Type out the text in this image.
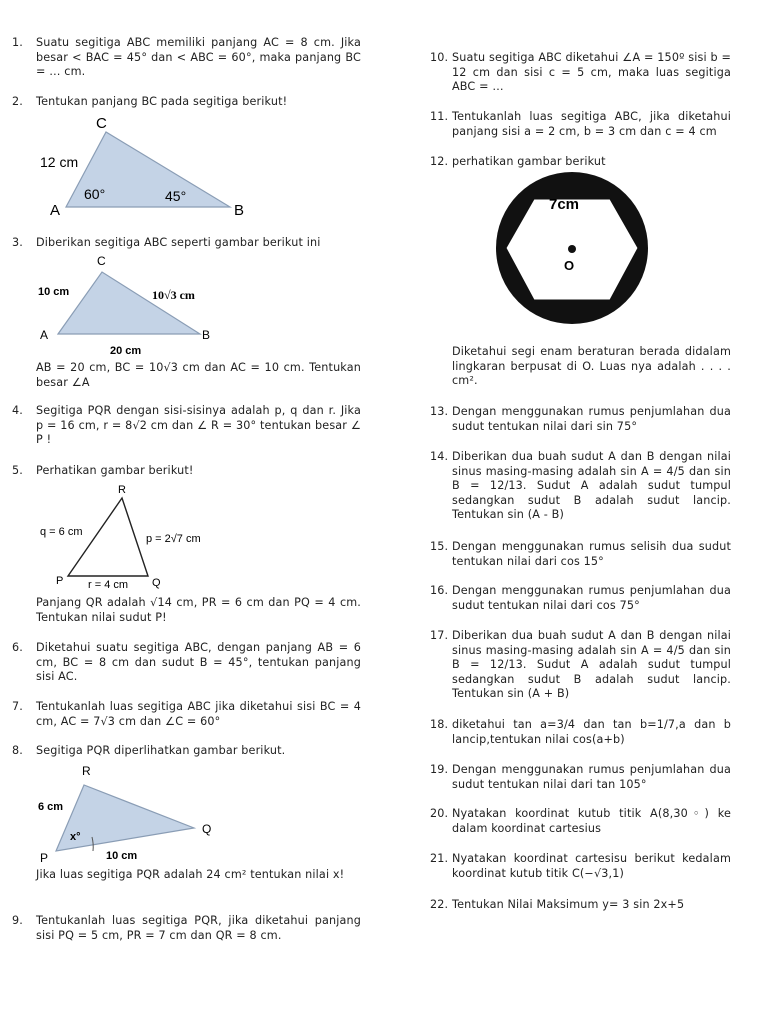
1.	Suatu segitiga ABC memiliki panjang AC = 8 cm. Jika besar < BAC = 45° dan < ABC = 60°, maka panjang BC = … cm.
2.	Tentukan panjang BC pada segitiga berikut!
C
A	B
12 cm
60°	45°
3.	Diberikan segitiga ABC seperti gambar berikut ini
C
A	B
10 cm	10√3 cm
20 cm
AB = 20 cm, BC = 10√3 cm dan AC = 10 cm. Tentukan besar ∠A
4.	Segitiga PQR dengan sisi-sisinya adalah p, q dan r. Jika p = 16 cm, r = 8√2 cm dan ∠ R = 30° tentukan besar ∠ P !
5.	Perhatikan gambar berikut!
R
P	Q
q = 6 cm
p = 2√7 cm
r = 4 cm
Panjang QR adalah √14 cm, PR = 6 cm dan PQ = 4 cm. Tentukan nilai sudut P!
6.	Diketahui suatu segitiga ABC, dengan panjang AB = 6 cm, BC = 8 cm dan sudut B = 45°, tentukan panjang sisi AC.
7.	Tentukanlah luas segitiga ABC jika diketahui sisi BC = 4 cm, AC = 7√3 cm dan ∠C = 60°
8.	Segitiga PQR diperlihatkan gambar berikut.
R
P
Q
6 cm
10 cm
x°
Jika luas segitiga PQR adalah 24 cm² tentukan nilai x!
9.	Tentukanlah luas segitiga PQR, jika diketahui panjang sisi PQ = 5 cm, PR = 7 cm dan QR = 8 cm.
10. Suatu segitiga ABC diketahui ∠A = 150º sisi b = 12 cm dan sisi c = 5 cm, maka luas segitiga ABC = …
11. Tentukanlah luas segitiga ABC, jika diketahui panjang sisi a = 2 cm, b = 3 cm dan c = 4 cm
12. perhatikan gambar berikut
7cm
O
Diketahui segi enam beraturan berada didalam lingkaran berpusat di O. Luas nya adalah . . . . cm².
13. Dengan menggunakan rumus penjumlahan dua sudut tentukan nilai dari sin 75°
14. Diberikan dua buah sudut A dan B dengan nilai sinus masing-masing adalah sin A = 4/5 dan sin B = 12/13. Sudut A adalah sudut tumpul sedangkan sudut B adalah sudut lancip. Tentukan sin (A - B)
15. Dengan menggunakan rumus selisih dua sudut tentukan nilai dari cos 15°
16. Dengan menggunakan rumus penjumlahan dua sudut tentukan nilai dari cos 75°
17. Diberikan dua buah sudut A dan B dengan nilai sinus masing-masing adalah sin A = 4/5 dan sin B = 12/13. Sudut A adalah sudut tumpul sedangkan sudut B adalah sudut lancip. Tentukan sin (A + B)
18. diketahui tan a=3/4 dan tan b=1/7,a dan b lancip,tentukan nilai cos(a+b)
19. Dengan menggunakan rumus penjumlahan dua sudut tentukan nilai dari tan 105°
20. Nyatakan koordinat kutub titik A(8,30◦) ke dalam koordinat cartesius
21. Nyatakan koordinat cartesisu berikut kedalam koordinat kutub titik C(−√3,1)
22. Tentukan Nilai Maksimum y= 3 sin 2x+5
